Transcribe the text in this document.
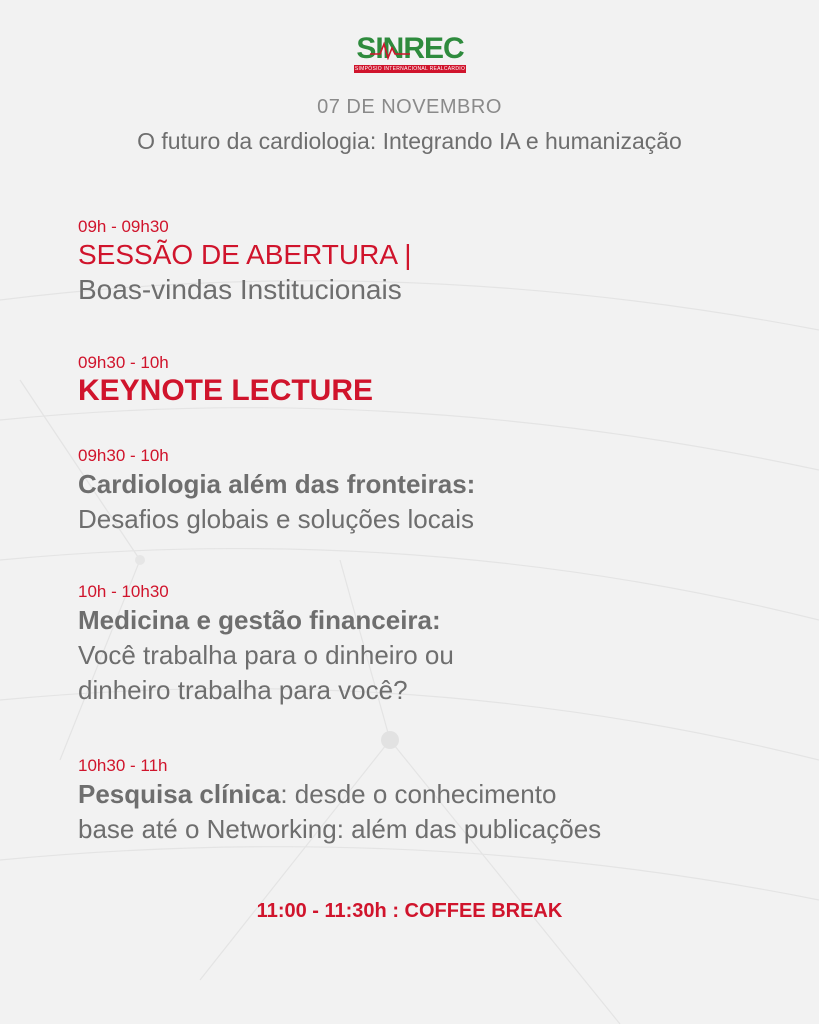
SINREC
SIMPÓSIO INTERNACIONAL REALCARDIO
07 DE NOVEMBRO
O futuro da cardiologia: Integrando IA e humanização
09h - 09h30
SESSÃO DE ABERTURA |
Boas-vindas Institucionais
09h30 - 10h
KEYNOTE LECTURE
09h30 - 10h
Cardiologia além das fronteiras:
Desafios globais e soluções locais
10h - 10h30
Medicina e gestão financeira:
Você trabalha para o dinheiro ou
dinheiro trabalha para você?
10h30 - 11h
Pesquisa clínica: desde o conhecimento
base até o Networking: além das publicações
11:00 - 11:30h : COFFEE BREAK
